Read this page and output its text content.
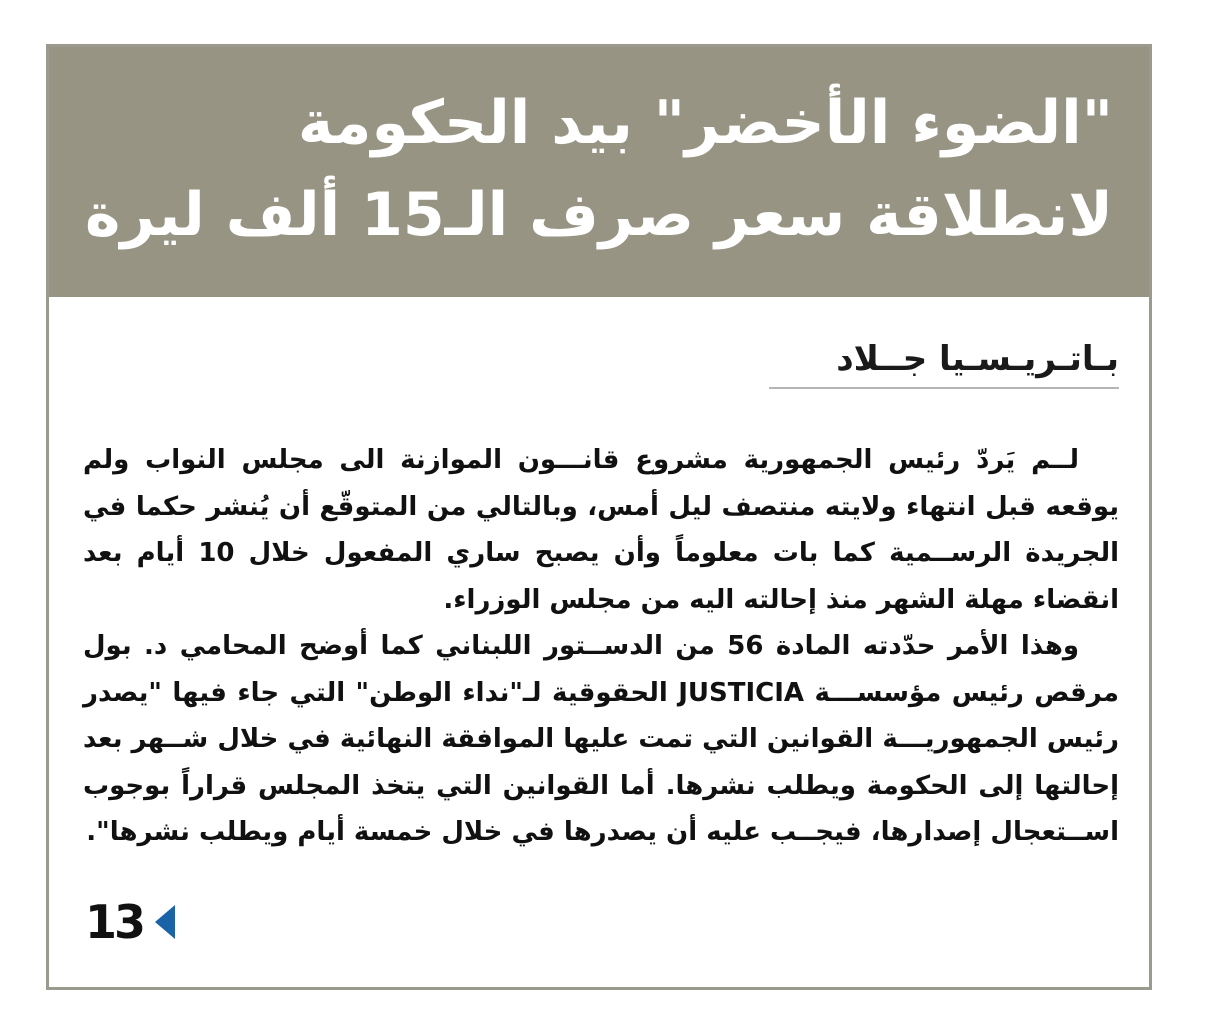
"الضوء الأخضر" بيد الحكومة
لانطلاقة سعر صرف الـ15 ألف ليرة
بـاتـريـسـيا جــلاد

لــم يَردّ رئيس الجمهورية مشروع قانـــون الموازنة الى مجلس النواب ولم يوقعه قبل انتهاء ولايته منتصف ليل أمس، وبالتالي من المتوقّع أن يُنشر حكما في الجريدة الرســمية كما بات معلوماً وأن يصبح ساري المفعول خلال 10 أيام بعد انقضاء مهلة الشهر منذ إحالته اليه من مجلس الوزراء.

وهذا الأمر حدّدته المادة 56 من الدســتور اللبناني كما أوضح المحامي د. بول مرقص رئيس مؤسســـة JUSTICIA الحقوقية لـ"نداء الوطن" التي جاء فيها "يصدر رئيس الجمهوريـــة القوانين التي تمت عليها الموافقة النهائية في خلال شــهر بعد إحالتها إلى الحكومة ويطلب نشرها. أما القوانين التي يتخذ المجلس قراراً بوجوب اســتعجال إصدارها، فيجــب عليه أن يصدرها في خلال خمسة أيام ويطلب نشرها".

13
